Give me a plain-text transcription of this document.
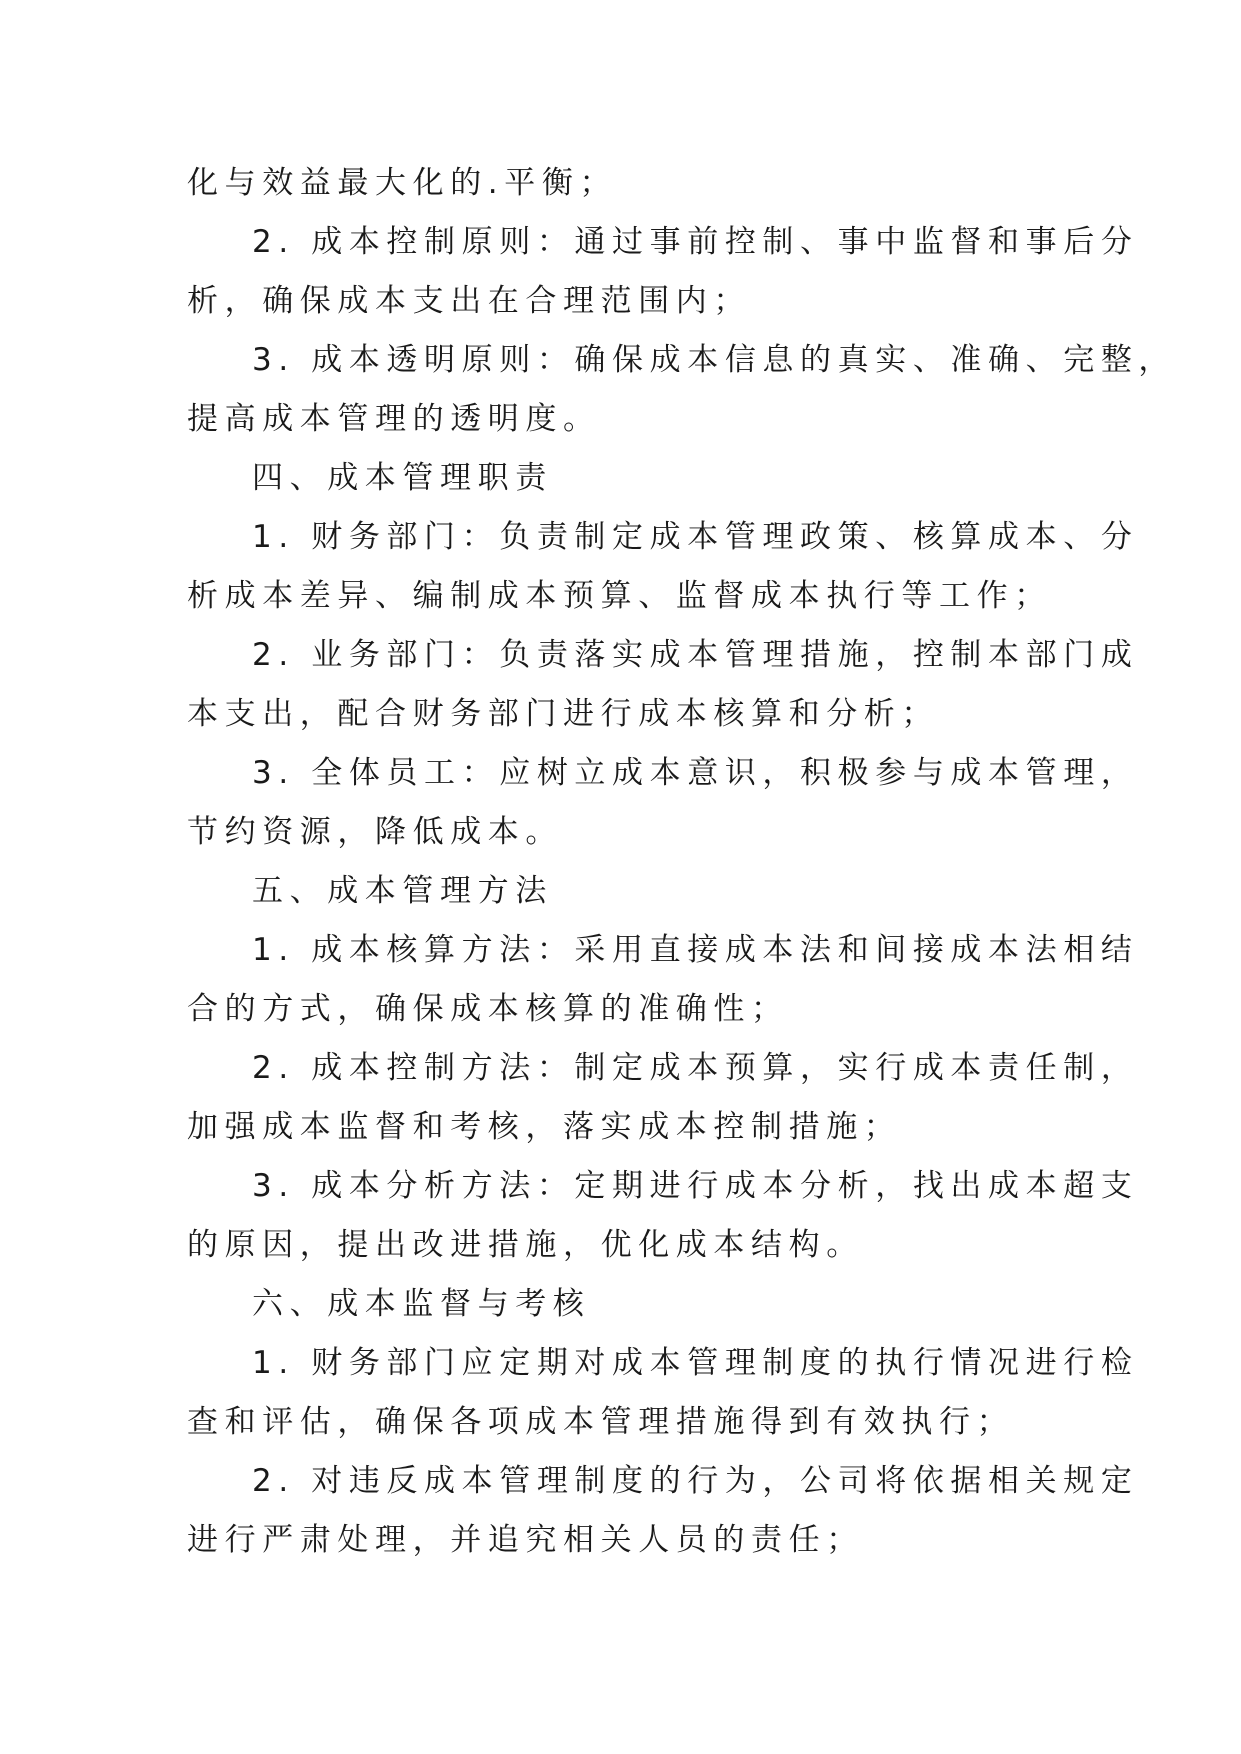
化与效益最大化的.平衡；
2. 成本控制原则：通过事前控制、事中监督和事后分
析，确保成本支出在合理范围内；
3. 成本透明原则：确保成本信息的真实、准确、完整，
提高成本管理的透明度。
四、成本管理职责
1. 财务部门：负责制定成本管理政策、核算成本、分
析成本差异、编制成本预算、监督成本执行等工作；
2. 业务部门：负责落实成本管理措施，控制本部门成
本支出，配合财务部门进行成本核算和分析；
3. 全体员工：应树立成本意识，积极参与成本管理，
节约资源，降低成本。
五、成本管理方法
1. 成本核算方法：采用直接成本法和间接成本法相结
合的方式，确保成本核算的准确性；
2. 成本控制方法：制定成本预算，实行成本责任制，
加强成本监督和考核，落实成本控制措施；
3. 成本分析方法：定期进行成本分析，找出成本超支
的原因，提出改进措施，优化成本结构。
六、成本监督与考核
1. 财务部门应定期对成本管理制度的执行情况进行检
查和评估，确保各项成本管理措施得到有效执行；
2. 对违反成本管理制度的行为，公司将依据相关规定
进行严肃处理，并追究相关人员的责任；
